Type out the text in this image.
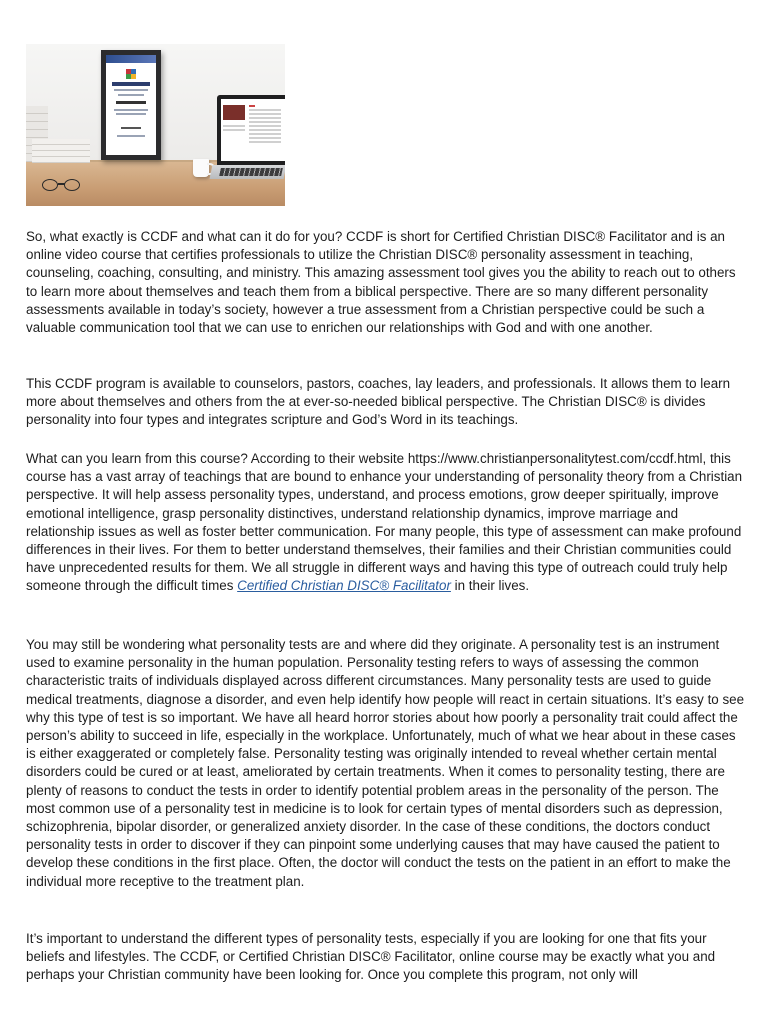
So, what exactly is CCDF and what can it do for you? CCDF is short for Certified Christian DISC® Facilitator and is an online video course that certifies professionals to utilize the Christian DISC® personality assessment in teaching, counseling, coaching, consulting, and ministry. This amazing assessment tool gives you the ability to reach out to others to learn more about themselves and teach them from a biblical perspective. There are so many different personality assessments available in today’s society, however a true assessment from a Christian perspective could be such a valuable communication tool that we can use to enrichen our relationships with God and with one another.

This CCDF program is available to counselors, pastors, coaches, lay leaders, and professionals. It allows them to learn more about themselves and others from the at ever-so-needed biblical perspective. The Christian DISC® is divides personality into four types and integrates scripture and God’s Word in its teachings.

What can you learn from this course? According to their website https://www.christianpersonalitytest.com/ccdf.html, this course has a vast array of teachings that are bound to enhance your understanding of personality theory from a Christian perspective. It will help assess personality types, understand, and process emotions, grow deeper spiritually, improve emotional intelligence, grasp personality distinctives, understand relationship dynamics, improve marriage and relationship issues as well as foster better communication. For many people, this type of assessment can make profound differences in their lives. For them to better understand themselves, their families and their Christian communities could have unprecedented results for them. We all struggle in different ways and having this type of outreach could truly help someone through the difficult times Certified Christian DISC® Facilitator in their lives.

You may still be wondering what personality tests are and where did they originate. A personality test is an instrument used to examine personality in the human population. Personality testing refers to ways of assessing the common characteristic traits of individuals displayed across different circumstances. Many personality tests are used to guide medical treatments, diagnose a disorder, and even help identify how people will react in certain situations. It’s easy to see why this type of test is so important. We have all heard horror stories about how poorly a personality trait could affect the person’s ability to succeed in life, especially in the workplace. Unfortunately, much of what we hear about in these cases is either exaggerated or completely false. Personality testing was originally intended to reveal whether certain mental disorders could be cured or at least, ameliorated by certain treatments. When it comes to personality testing, there are plenty of reasons to conduct the tests in order to identify potential problem areas in the personality of the person. The most common use of a personality test in medicine is to look for certain types of mental disorders such as depression, schizophrenia, bipolar disorder, or generalized anxiety disorder. In the case of these conditions, the doctors conduct personality tests in order to discover if they can pinpoint some underlying causes that may have caused the patient to develop these conditions in the first place. Often, the doctor will conduct the tests on the patient in an effort to make the individual more receptive to the treatment plan.

It’s important to understand the different types of personality tests, especially if you are looking for one that fits your beliefs and lifestyles. The CCDF, or Certified Christian DISC® Facilitator, online course may be exactly what you and perhaps your Christian community have been looking for. Once you complete this program, not only will
